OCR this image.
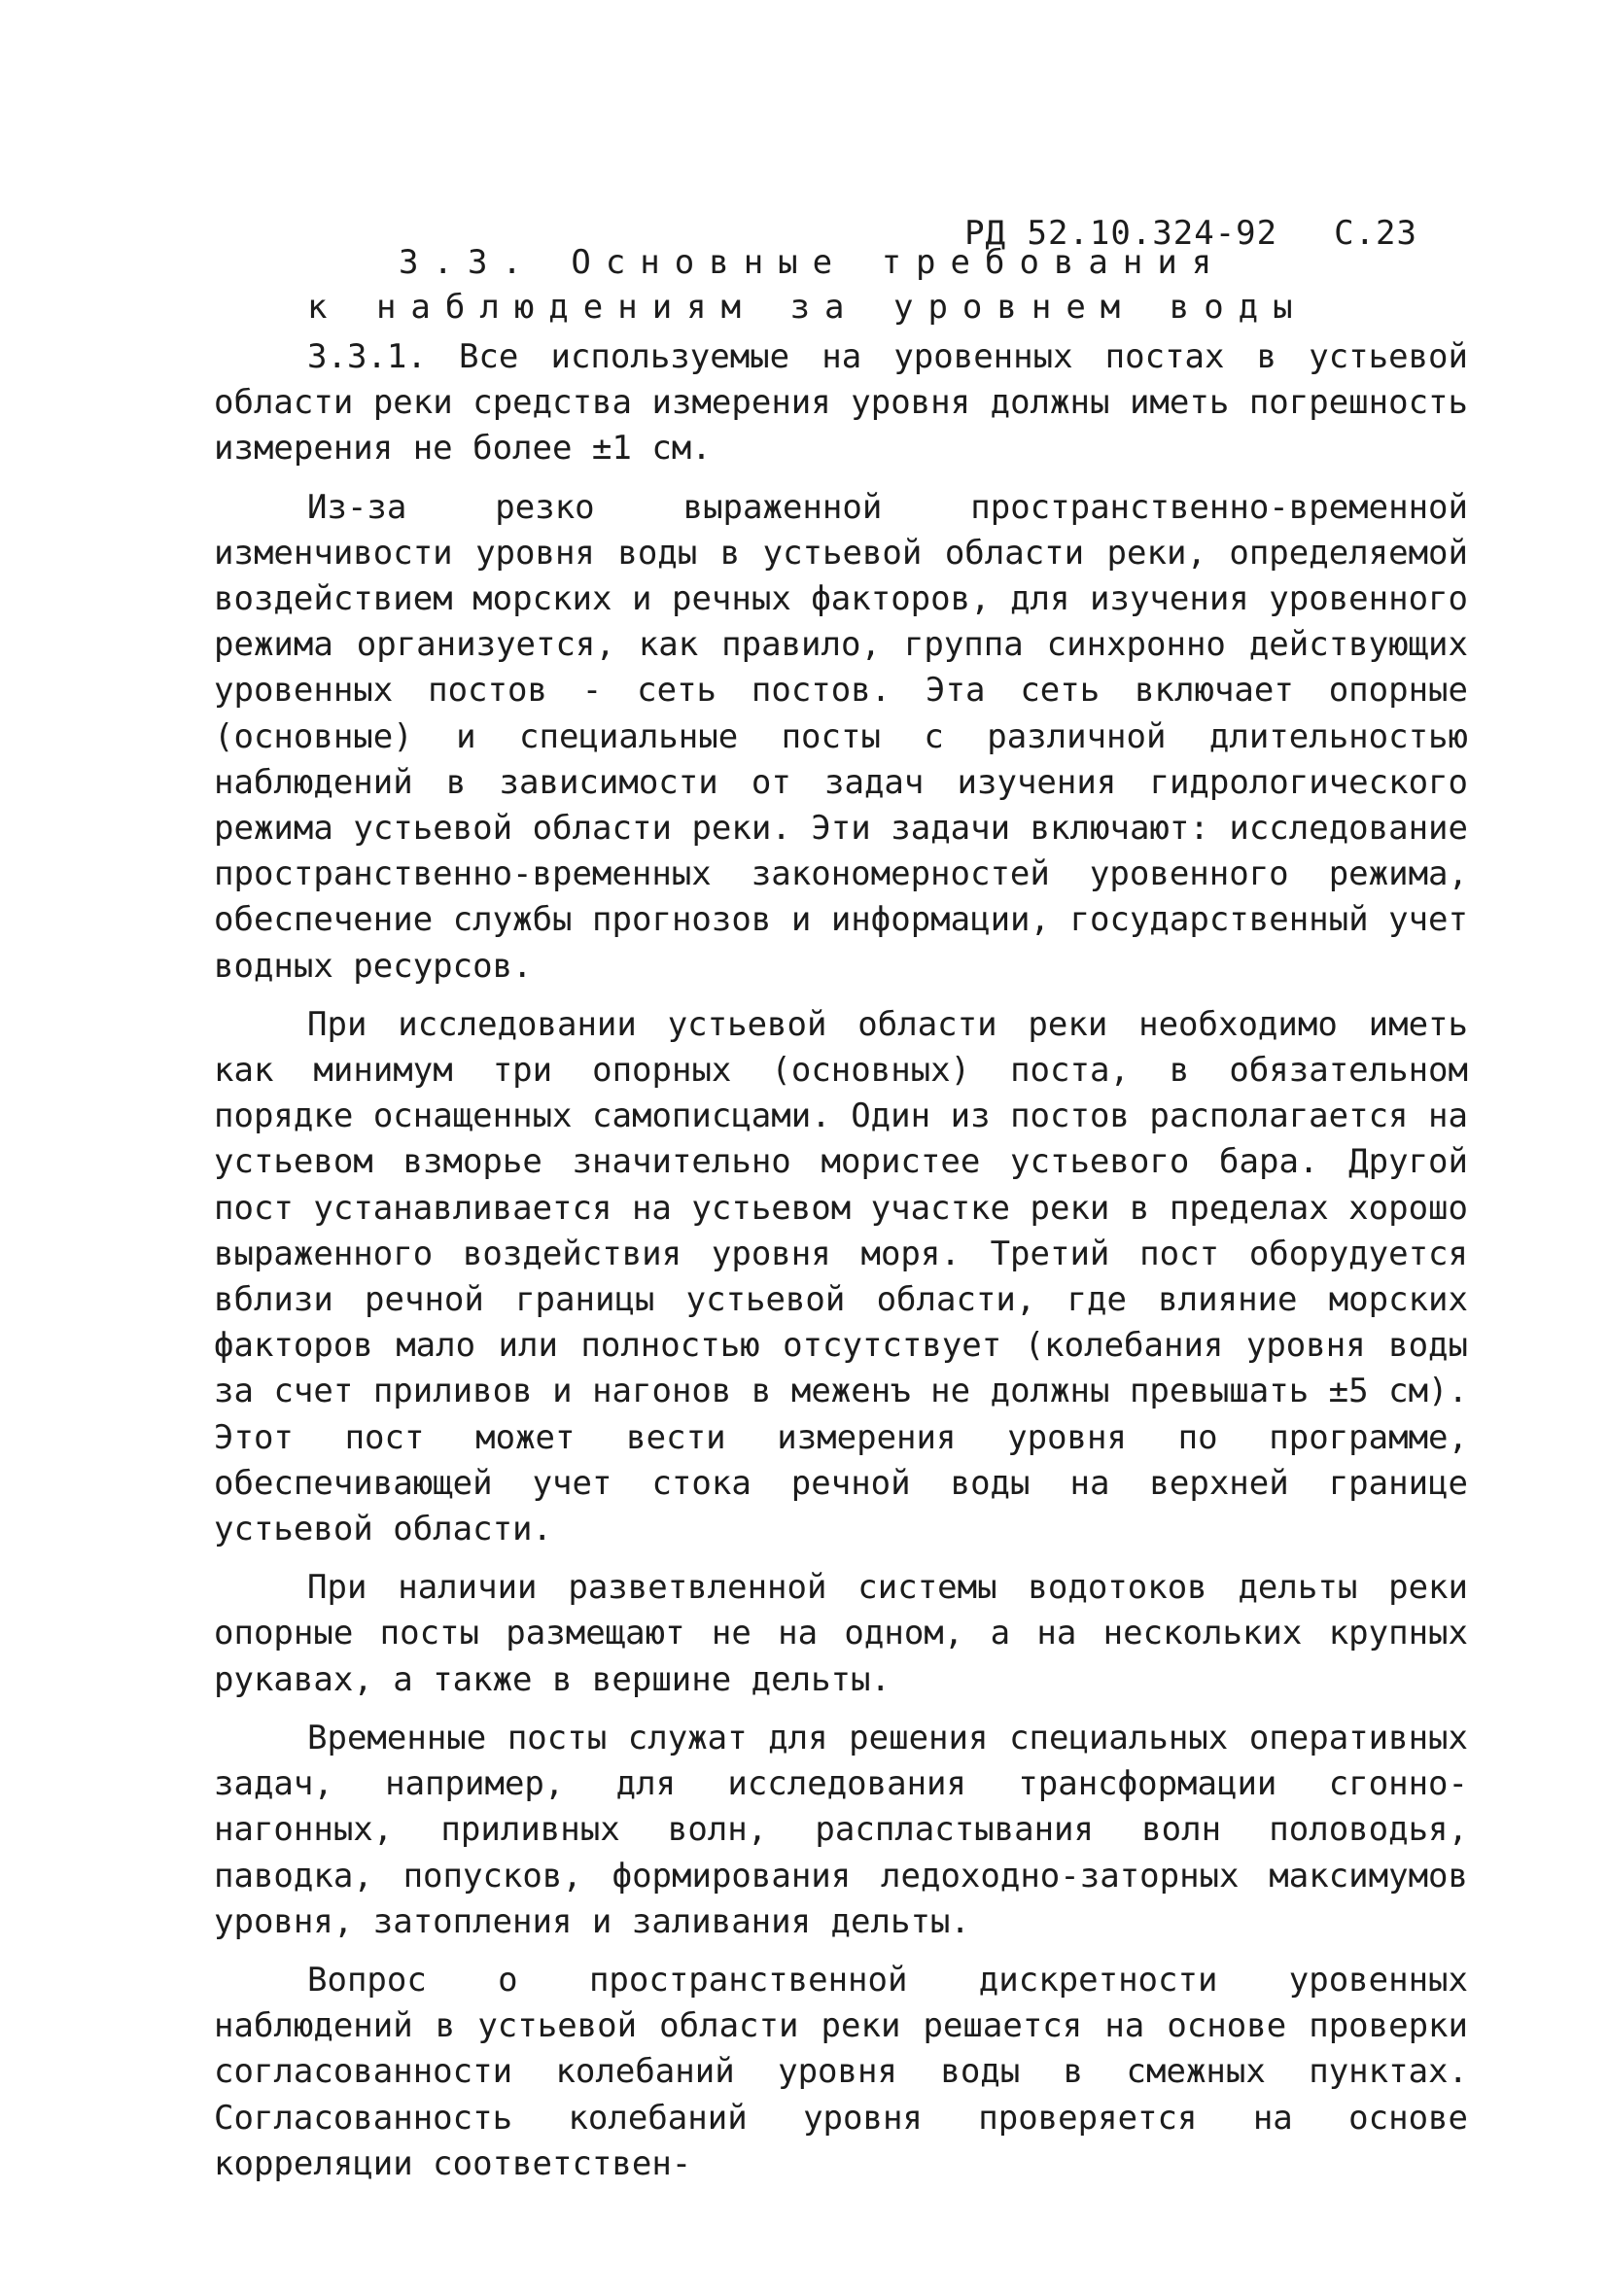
РД 52.10.324-92 С.23

3.3. Основные требования
к наблюдениям за уровнем воды

3.3.1. Все используемые на уровенных постах в устьевой области реки средства измерения уровня должны иметь погрешность измерения не более ±1 см.

Из-за резко выраженной пространственно-временной изменчивости уровня воды в устьевой области реки, определяемой воздействием морских и речных факторов, для изучения уровенного режима организуется, как правило, группа синхронно действующих уровенных постов - сеть постов. Эта сеть включает опорные (основные) и специальные посты с различной длительностью наблюдений в зависимости от задач изучения гидрологического режима устьевой области реки. Эти задачи включают: исследование пространственно-временных закономерностей уровенного режима, обеспечение службы прогнозов и информации, государственный учет водных ресурсов.

При исследовании устьевой области реки необходимо иметь как минимум три опорных (основных) поста, в обязательном порядке оснащенных самописцами. Один из постов располагается на устьевом взморье значительно мористее устьевого бара. Другой пост устанавливается на устьевом участке реки в пределах хорошо выраженного воздействия уровня моря. Третий пост оборудуется вблизи речной границы устьевой области, где влияние морских факторов мало или полностью отсутствует (колебания уровня воды за счет приливов и нагонов в меженъ не должны превышать ±5 см). Этот пост может вести измерения уровня по программе, обеспечивающей учет стока речной воды на верхней границе устьевой области.

При наличии разветвленной системы водотоков дельты реки опорные посты размещают не на одном, а на нескольких крупных рукавах, а также в вершине дельты.

Временные посты служат для решения специальных оперативных задач, например, для исследования трансформации сгонно-нагонных, приливных волн, распластывания волн половодья, паводка, попусков, формирования ледоходно-заторных максимумов уровня, затопления и заливания дельты.

Вопрос о пространственной дискретности уровенных наблюдений в устьевой области реки решается на основе проверки согласованности колебаний уровня воды в смежных пунктах. Согласованность колебаний уровня проверяется на основе корреляции соответствен-
